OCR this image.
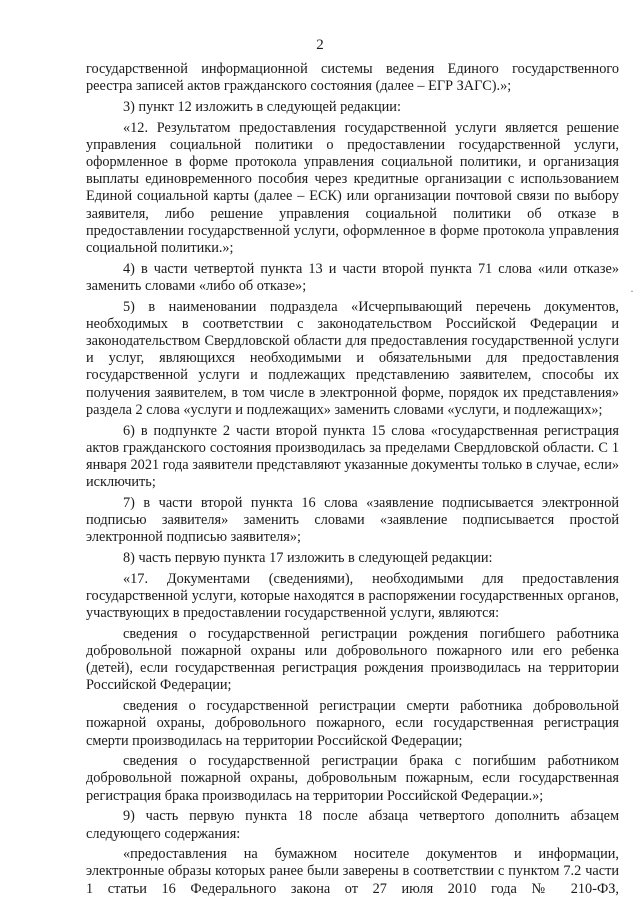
2
·

государственной информационной системы ведения Единого государственного реестра записей актов гражданского состояния (далее – ЕГР ЗАГС).»;

3) пункт 12 изложить в следующей редакции:

«12. Результатом предоставления государственной услуги является решение управления социальной политики о предоставлении государственной услуги, оформленное в форме протокола управления социальной политики, и организация выплаты единовременного пособия через кредитные организации с использованием Единой социальной карты (далее – ЕСК) или организации почтовой связи по выбору заявителя, либо решение управления социальной политики об отказе в предоставлении государственной услуги, оформленное в форме протокола управления социальной политики.»;

4) в части четвертой пункта 13 и части второй пункта 71 слова «или отказе» заменить словами «либо об отказе»;

5) в наименовании подраздела «Исчерпывающий перечень документов, необходимых в соответствии с законодательством Российской Федерации и законодательством Свердловской области для предоставления государственной услуги и услуг, являющихся необходимыми и обязательными для предоставления государственной услуги и подлежащих представлению заявителем, способы их получения заявителем, в том числе в электронной форме, порядок их представления» раздела 2 слова «услуги и подлежащих» заменить словами «услуги, и подлежащих»;

6) в подпункте 2 части второй пункта 15 слова «государственная регистрация актов гражданского состояния производилась за пределами Свердловской области. С 1 января 2021 года заявители представляют указанные документы только в случае, если» исключить;

7) в части второй пункта 16 слова «заявление подписывается электронной подписью заявителя» заменить словами «заявление подписывается простой электронной подписью заявителя»;

8) часть первую пункта 17 изложить в следующей редакции:

«17. Документами (сведениями), необходимыми для предоставления государственной услуги, которые находятся в распоряжении государственных органов, участвующих в предоставлении государственной услуги, являются:

сведения о государственной регистрации рождения погибшего работника добровольной пожарной охраны или добровольного пожарного или его ребенка (детей), если государственная регистрация рождения производилась на территории Российской Федерации;

сведения о государственной регистрации смерти работника добровольной пожарной охраны, добровольного пожарного, если государственная регистрация смерти производилась на территории Российской Федерации;

сведения о государственной регистрации брака с погибшим работником добровольной пожарной охраны, добровольным пожарным, если государственная регистрация брака производилась на территории Российской Федерации.»;

9) часть первую пункта 18 после абзаца четвертого дополнить абзацем следующего содержания:

«предоставления на бумажном носителе документов и информации, электронные образы которых ранее были заверены в соответствии с пунктом 7.2 части 1 статьи 16 Федерального закона от 27 июля 2010 года № 210-ФЗ,
